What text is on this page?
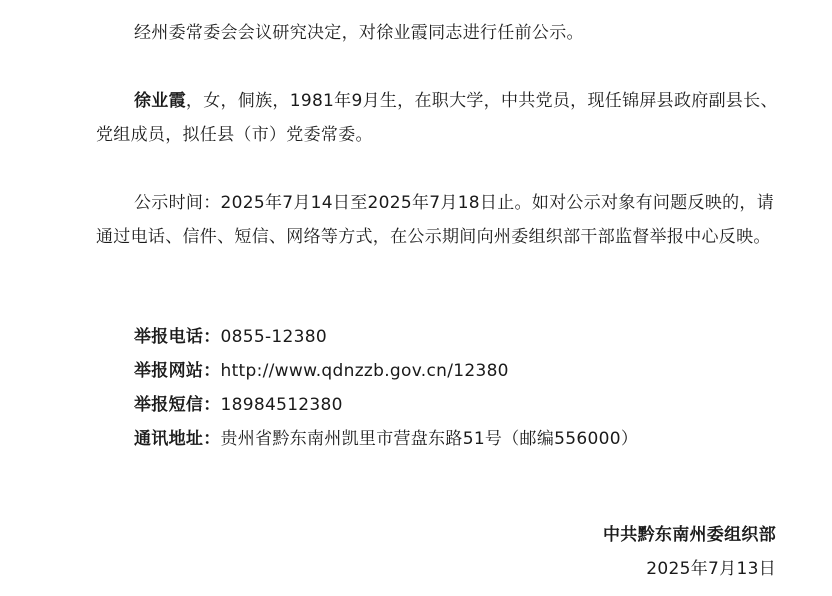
经州委常委会会议研究决定，对徐业霞同志进行任前公示。

徐业霞，女，侗族，1981年9月生，在职大学，中共党员，现任锦屏县政府副县长、党组成员，拟任县（市）党委常委。

公示时间：2025年7月14日至2025年7月18日止。如对公示对象有问题反映的，请通过电话、信件、短信、网络等方式，在公示期间向州委组织部干部监督举报中心反映。

举报电话：0855-12380
举报网站：http://www.qdnzzb.gov.cn/12380
举报短信：18984512380
通讯地址：贵州省黔东南州凯里市营盘东路51号（邮编556000）
中共黔东南州委组织部
2025年7月13日
